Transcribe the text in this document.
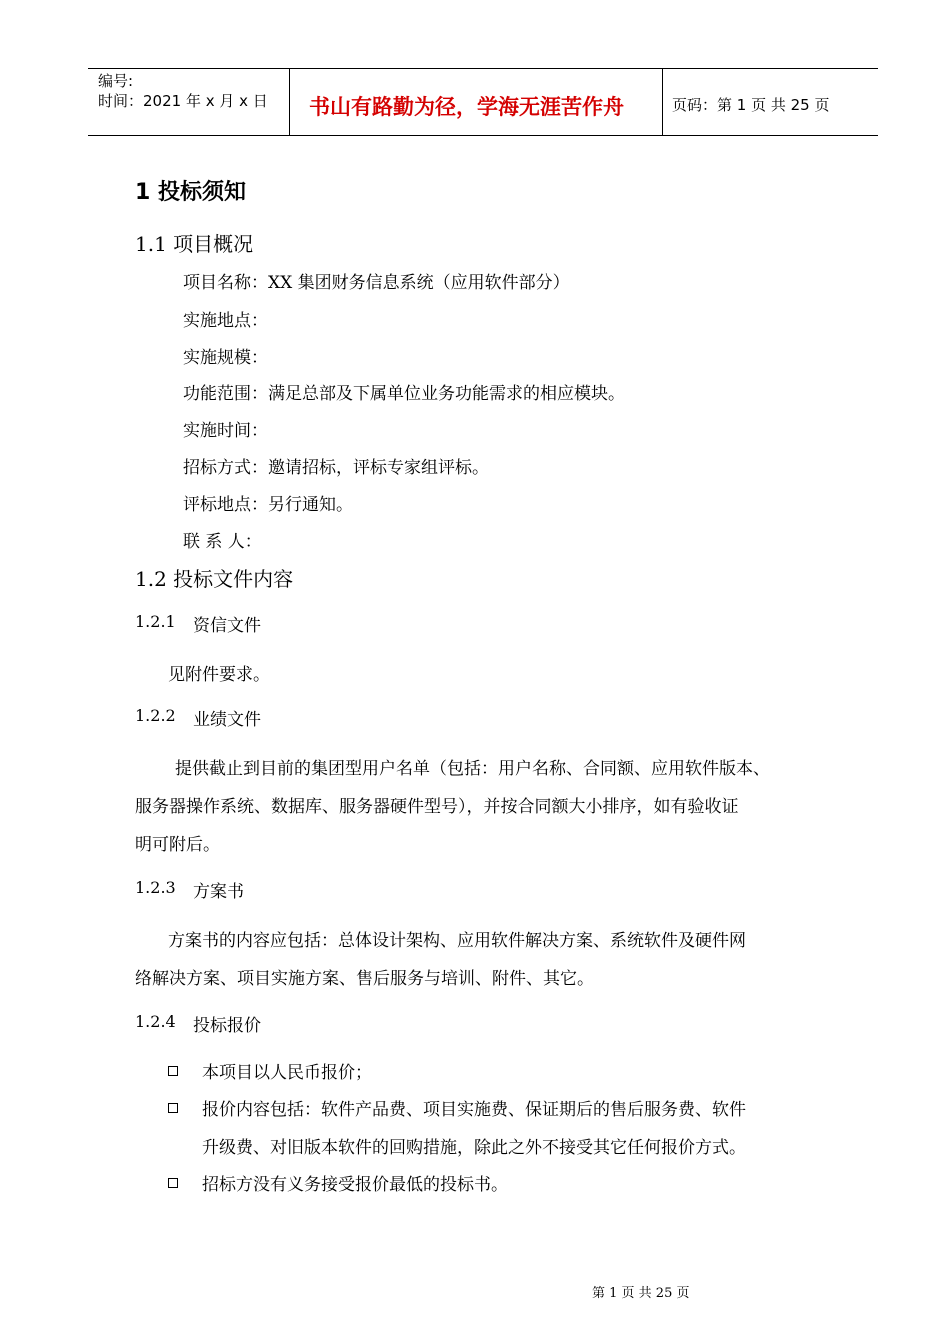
编号:
时间：2021 年 x 月 x 日 书山有路勤为径，学海无涯苦作舟	页码：第 1 页 共 25 页
1 投标须知
1.1 项目概况
项目名称：XX 集团财务信息系统（应用软件部分）
实施地点：
实施规模：
功能范围：满足总部及下属单位业务功能需求的相应模块。
实施时间：
招标方式：邀请招标，评标专家组评标。
评标地点：另行通知。
联 系 人：
1.2 投标文件内容
1.2.1 资信文件
见附件要求。
1.2.2 业绩文件
提供截止到目前的集团型用户名单（包括：用户名称、合同额、应用软件版本、
服务器操作系统、数据库、服务器硬件型号），并按合同额大小排序，如有验收证
明可附后。
1.2.3 方案书
方案书的内容应包括：总体设计架构、应用软件解决方案、系统软件及硬件网
络解决方案、项目实施方案、售后服务与培训、附件、其它。
1.2.4 投标报价
本项目以人民币报价；
报价内容包括：软件产品费、项目实施费、保证期后的售后服务费、软件
升级费、对旧版本软件的回购措施，除此之外不接受其它任何报价方式。
招标方没有义务接受报价最低的投标书。
第 1 页 共 25 页
